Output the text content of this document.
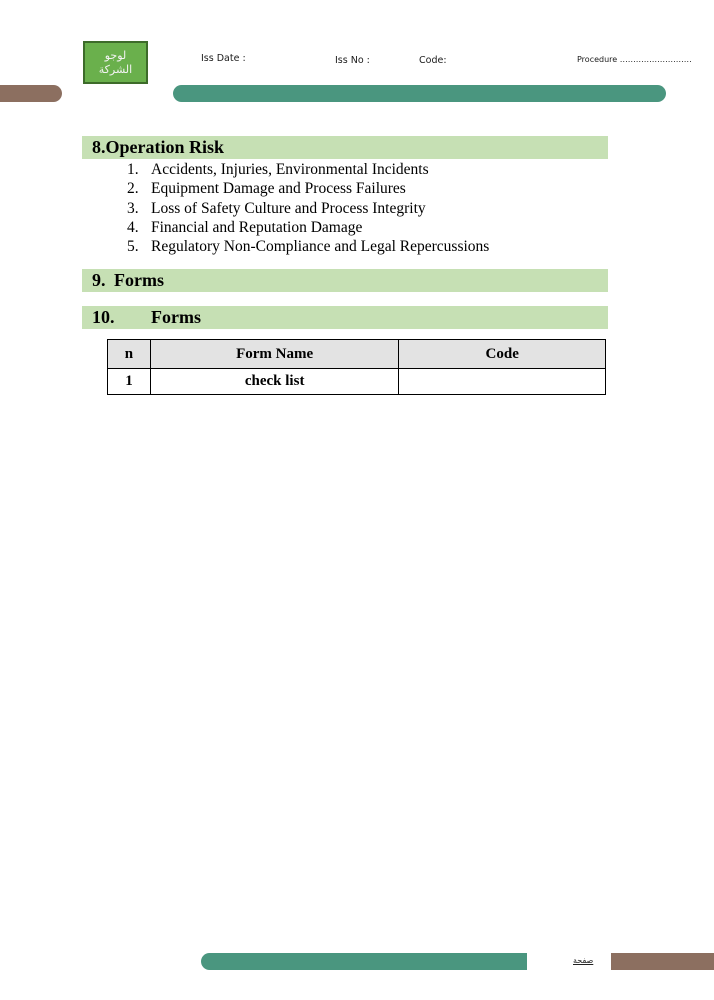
لوجو الشركة
Iss Date :	Iss No :	Code:	Procedure ………………………
8.Operation Risk
1. Accidents, Injuries, Environmental Incidents
2. Equipment Damage and Process Failures
3. Loss of Safety Culture and Process Integrity
4. Financial and Reputation Damage
5. Regulatory Non-Compliance and Legal Repercussions
9. Forms
10. Forms
n	Form Name	Code
1	check list	
صفحة
